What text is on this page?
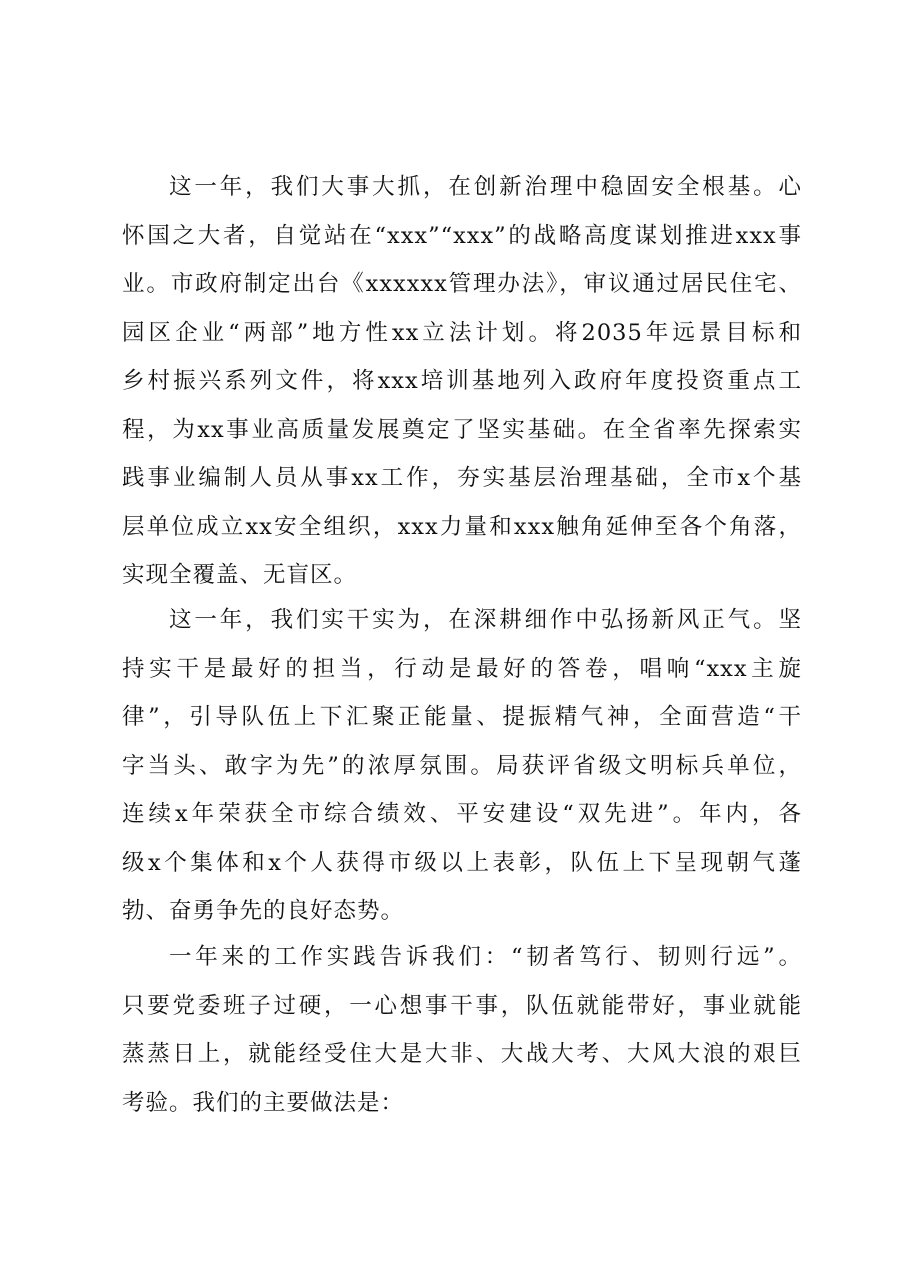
这一年，我们大事大抓，在创新治理中稳固安全根基。心
怀国之大者，自觉站在“xxx”“xxx”的战略高度谋划推进xxx事
业。市政府制定出台《xxxxxx管理办法》，审议通过居民住宅、
园区企业“两部”地方性xx立法计划。将2035年远景目标和
乡村振兴系列文件，将xxx培训基地列入政府年度投资重点工
程，为xx事业高质量发展奠定了坚实基础。在全省率先探索实
践事业编制人员从事xx工作，夯实基层治理基础，全市x个基
层单位成立xx安全组织，xxx力量和xxx触角延伸至各个角落，
实现全覆盖、无盲区。
这一年，我们实干实为，在深耕细作中弘扬新风正气。坚
持实干是最好的担当，行动是最好的答卷，唱响“xxx主旋
律”，引导队伍上下汇聚正能量、提振精气神，全面营造“干
字当头、敢字为先”的浓厚氛围。局获评省级文明标兵单位，
连续x年荣获全市综合绩效、平安建设“双先进”。年内，各
级x个集体和x个人获得市级以上表彰，队伍上下呈现朝气蓬
勃、奋勇争先的良好态势。
一年来的工作实践告诉我们：“韧者笃行、韧则行远”。
只要党委班子过硬，一心想事干事，队伍就能带好，事业就能
蒸蒸日上，就能经受住大是大非、大战大考、大风大浪的艰巨
考验。我们的主要做法是：
